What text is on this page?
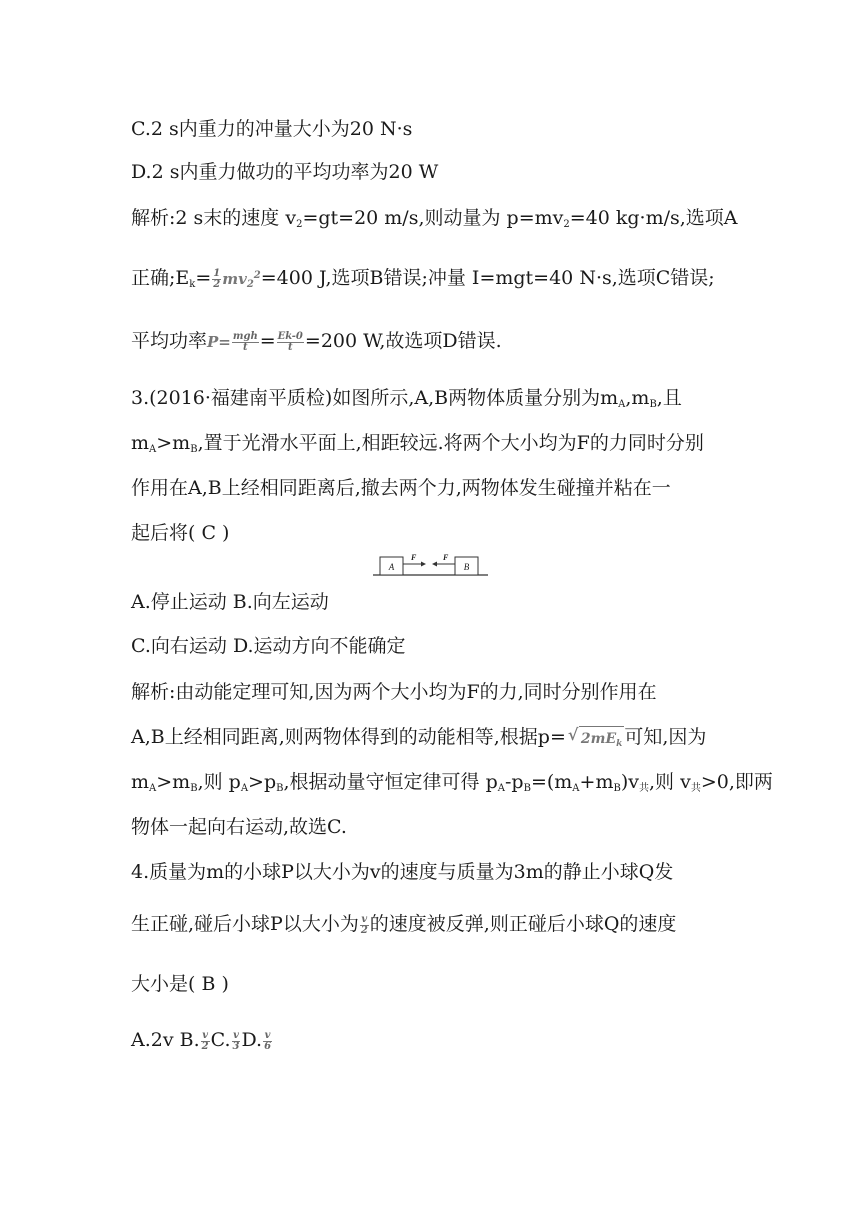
C.2 s内重力的冲量大小为20 N·s
D.2 s内重力做功的平均功率为20 W
解析:2 s末的速度 $v_2=gt=20$ m/s,则动量为 $p=mv_2=40$ kg·m/s,选项A
正确$;E_k= \frac{1}{2} mv_2^2=400$ J,选项B错误;冲量 I=mgt=40 N·s,选项C错误;
平均功率$P= \frac{\text{mgh}}{t} = \frac{Ek-0}{t} =200$ W,故选项D错误.
3.(2016·福建南平质检)如图所示,A,B两物体质量分别为$m_A,m_B$,且
$m_A>m_B$,置于光滑水平面上,相距较远.将两个大小均为F的力同时分别
作用在A,B上经相同距离后,撤去两个力,两物体发生碰撞并粘在一
起后将( C )
A
F	F
B
A.停止运动 B.向左运动
C.向右运动 D.运动方向不能确定
解析:由动能定理可知,因为两个大小均为F的力,同时分别作用在
A,B上经相同距离,则两物体得到的动能相等,根据p=√ $2mE_k$ 可知,因为
$m_A>m_B$,则 $p_A>p_B$,根据动量守恒定律可得 $p_A-p_B=(m_A+m_B)v_共$,则 $v_共>0$,即两
物体一起向右运动,故选C.
4.质量为m的小球P以大小为v的速度与质量为3m的静止小球Q发
生正碰,碰后小球P以大小为 $\frac{v}{2}$ 的速度被反弹,则正碰后小球Q的速度
大小是( B )
A.2v B. $\frac{v}{2} C$. $\frac{v}{3} D$. $\frac{v}{6}$
